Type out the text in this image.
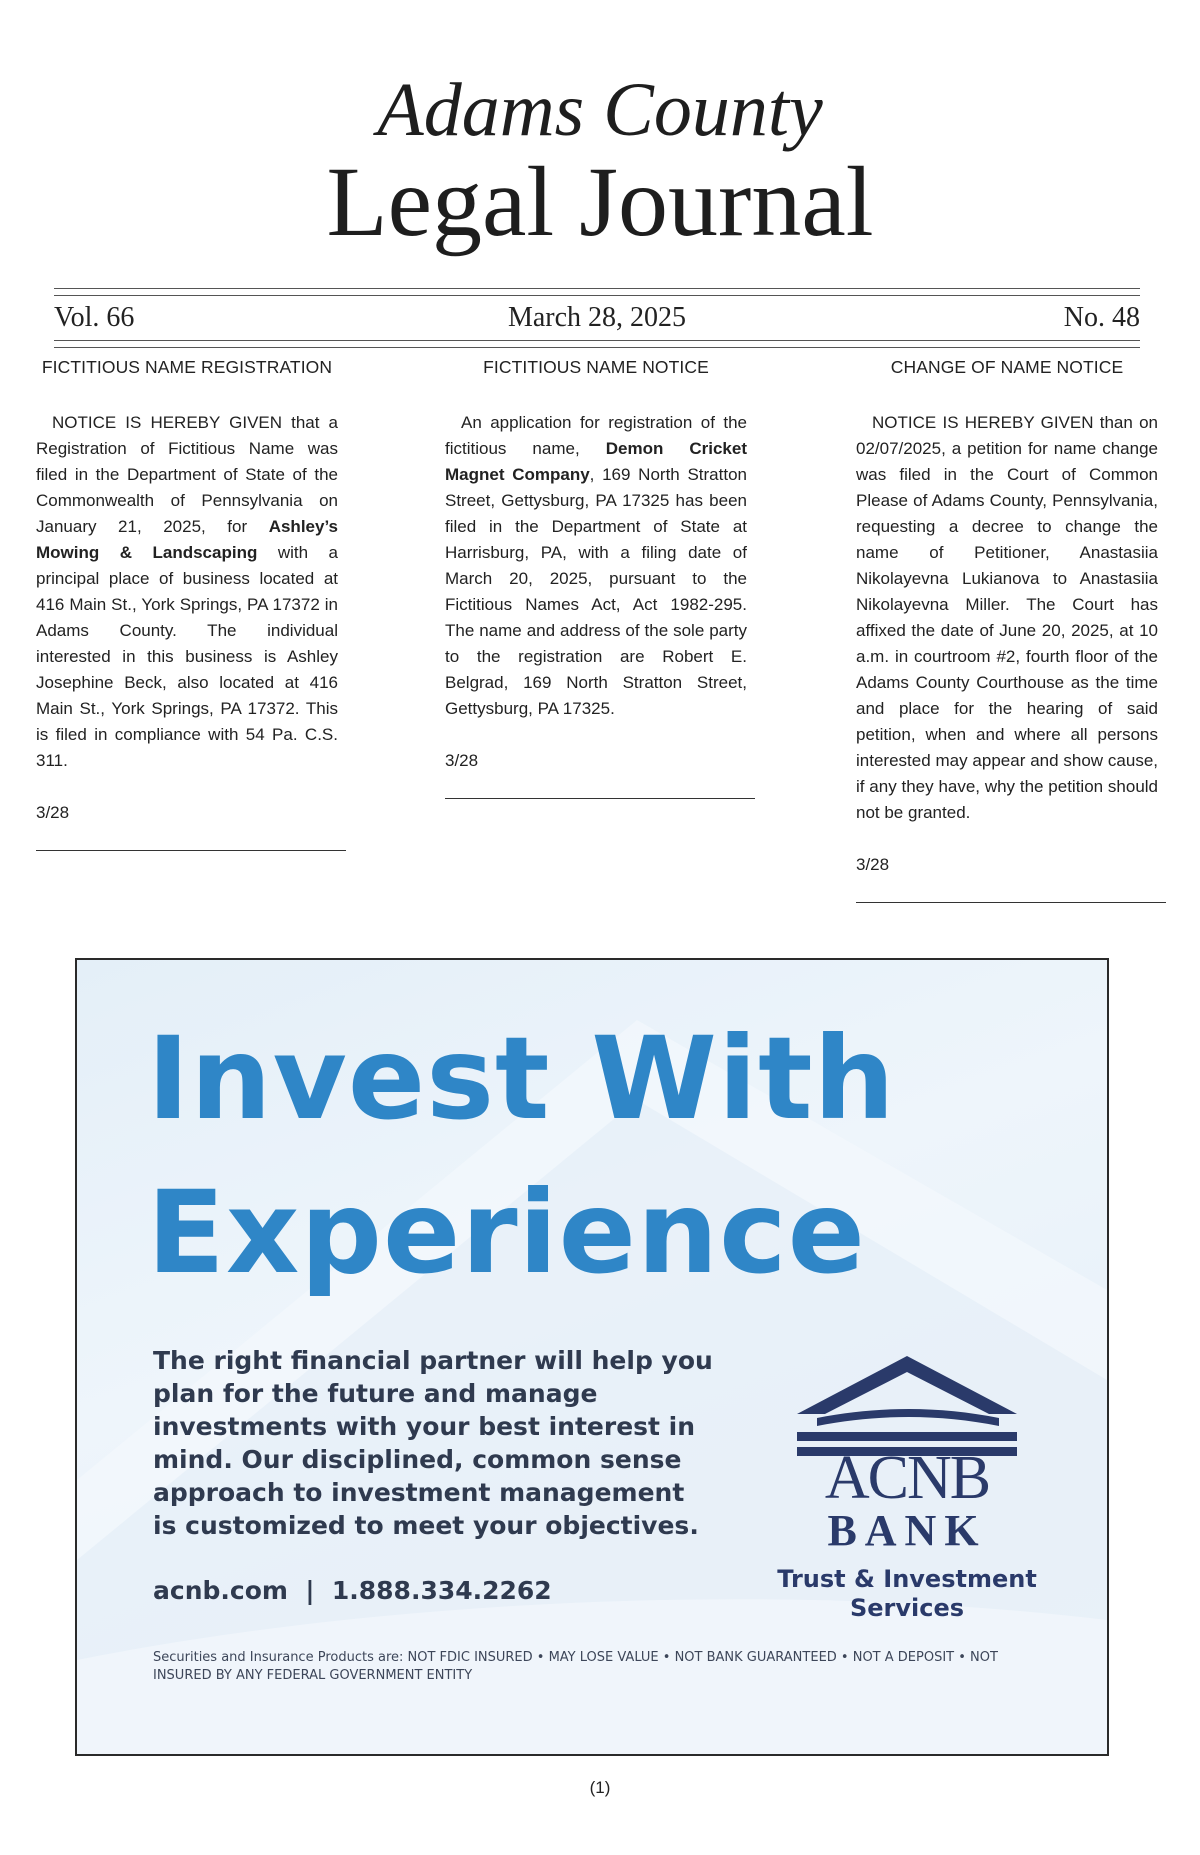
Adams County
Legal Journal
Vol. 66	March 28, 2025	No. 48
FICTITIOUS NAME REGISTRATION
NOTICE IS HEREBY GIVEN that a Registration of Fictitious Name was filed in the Department of State of the Commonwealth of Pennsylvania on January 21, 2025, for Ashley’s Mowing & Landscaping with a principal place of business located at 416 Main St., York Springs, PA 17372 in Adams County. The individual interested in this business is Ashley Josephine Beck, also located at 416 Main St., York Springs, PA 17372. This is filed in compliance with 54 Pa. C.S. 311.
3/28
FICTITIOUS NAME NOTICE
An application for registration of the fictitious name, Demon Cricket Magnet Company, 169 North Stratton Street, Gettysburg, PA 17325 has been filed in the Department of State at Harrisburg, PA, with a filing date of March 20, 2025, pursuant to the Fictitious Names Act, Act 1982-295. The name and address of the sole party to the registration are Robert E. Belgrad, 169 North Stratton Street, Gettysburg, PA 17325.
3/28
CHANGE OF NAME NOTICE
NOTICE IS HEREBY GIVEN than on 02/07/2025, a petition for name change was filed in the Court of Common Please of Adams County, Pennsylvania, requesting a decree to change the name of Petitioner, Anastasiia Nikolayevna Lukianova to Anastasiia Nikolayevna Miller. The Court has affixed the date of June 20, 2025, at 10 a.m. in courtroom #2, fourth floor of the Adams County Courthouse as the time and place for the hearing of said petition, when and where all persons interested may appear and show cause, if any they have, why the petition should not be granted.
3/28
Invest With
Experience
The right financial partner will help you plan for the future and manage investments with your best interest in mind. Our disciplined, common sense approach to investment management is customized to meet your objectives.
acnb.com  |  1.888.334.2262
Securities and Insurance Products are: NOT FDIC INSURED • MAY LOSE VALUE • NOT BANK GUARANTEED • NOT A DEPOSIT • NOT INSURED BY ANY FEDERAL GOVERNMENT ENTITY
ACNB
BANK
Trust & Investment
Services
(1)
